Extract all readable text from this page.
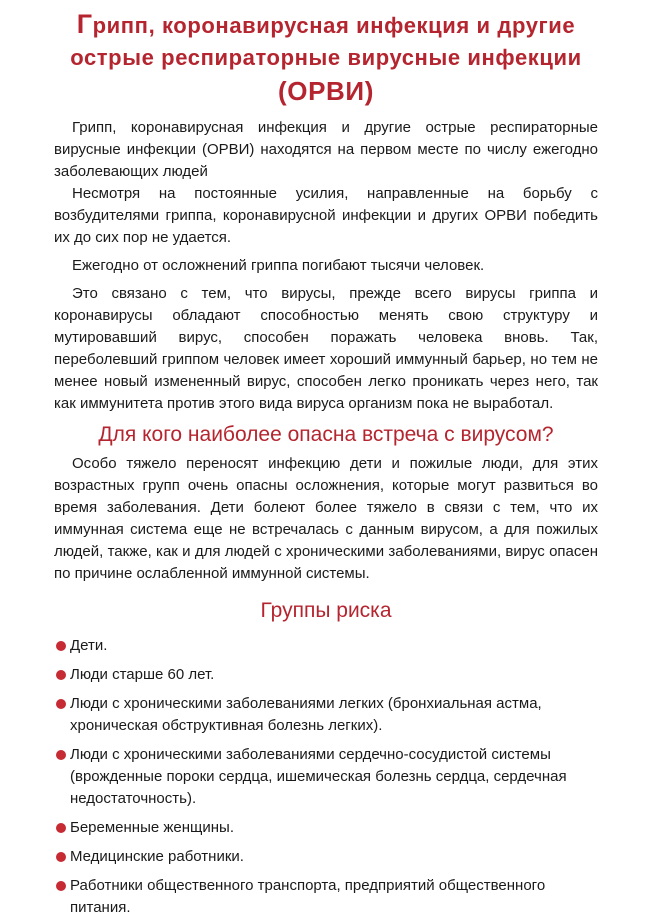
Грипп, коронавирусная инфекция и другие
острые респираторные вирусные инфекции
(ОРВИ)

Грипп, коронавирусная инфекция и другие острые респираторные вирусные инфекции (ОРВИ) находятся на первом месте по числу ежегодно заболевающих людей

Несмотря на постоянные усилия, направленные на борьбу с возбудителями гриппа, коронавирусной инфекции и других ОРВИ победить их до сих пор не удается.

Ежегодно от осложнений гриппа погибают тысячи человек.

Это связано с тем, что вирусы, прежде всего вирусы гриппа и коронавирусы обладают способностью менять свою структуру и мутировавший вирус, способен поражать человека вновь. Так, переболевший гриппом человек имеет хороший иммунный барьер, но тем не менее новый измененный вирус, способен легко проникать через него, так как иммунитета против этого вида вируса организм пока не выработал.

Для кого наиболее опасна встреча с вирусом?

Особо тяжело переносят инфекцию дети и пожилые люди, для этих возрастных групп очень опасны осложнения, которые могут развиться во время заболевания. Дети болеют более тяжело в связи с тем, что их иммунная система еще не встречалась с данным вирусом, а для пожилых людей, также, как и для людей с хроническими заболеваниями, вирус опасен по причине ослабленной иммунной системы.

Группы риска
Дети.
Люди старше 60 лет.
Люди с хроническими заболеваниями легких (бронхиальная астма, хроническая обструктивная болезнь легких).
Люди с хроническими заболеваниями сердечно-сосудистой системы (врожденные пороки сердца, ишемическая болезнь сердца, сердечная недостаточность).
Беременные женщины.
Медицинские работники.
Работники общественного транспорта, предприятий общественного питания.
